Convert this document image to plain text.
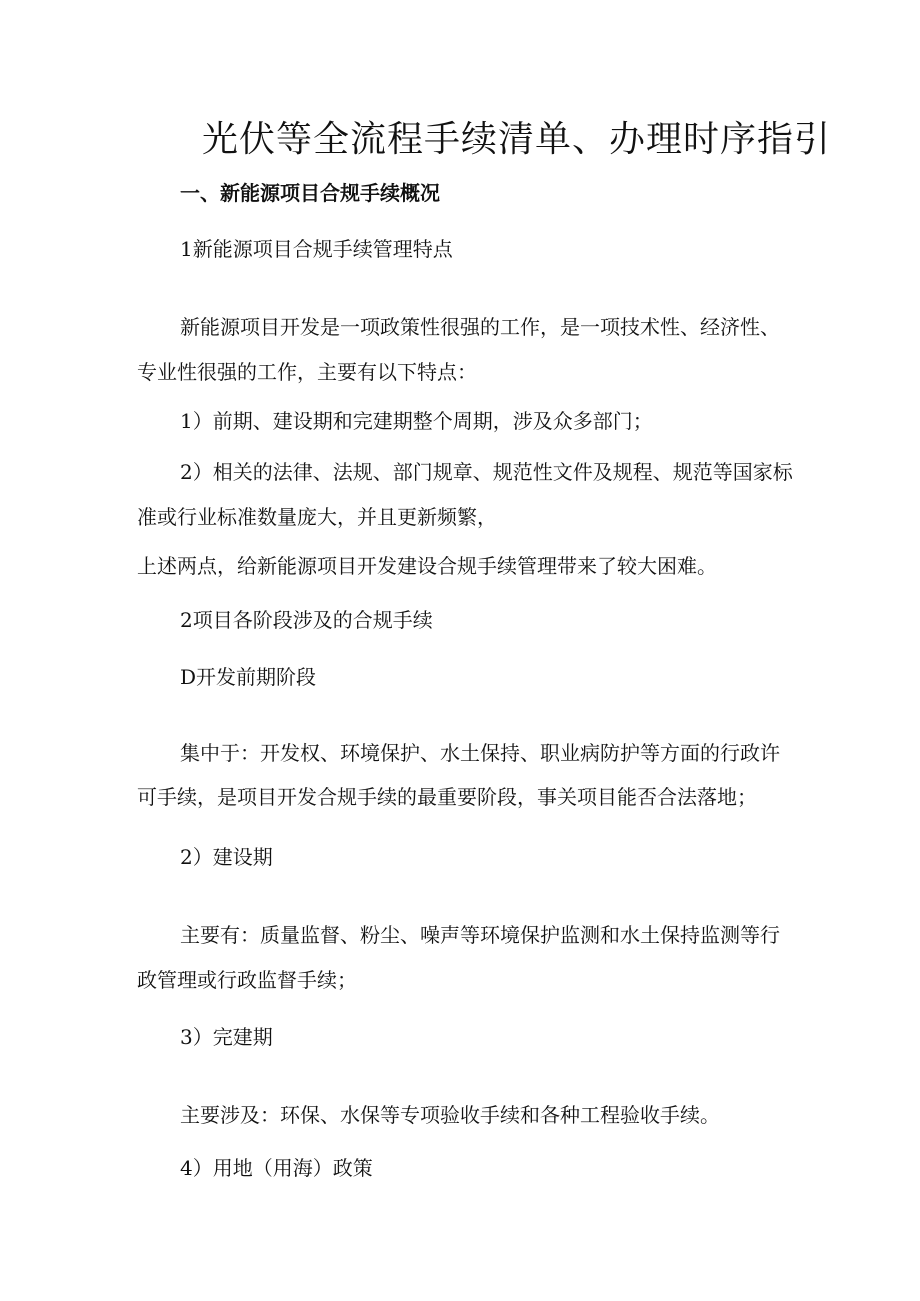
光伏等全流程手续清单、办理时序指引
一、新能源项目合规手续概况

1新能源项目合规手续管理特点

新能源项目开发是一项政策性很强的工作，是一项技术性、经济性、

专业性很强的工作，主要有以下特点：

1）前期、建设期和完建期整个周期，涉及众多部门；

2）相关的法律、法规、部门规章、规范性文件及规程、规范等国家标

准或行业标准数量庞大，并且更新频繁，

上述两点，给新能源项目开发建设合规手续管理带来了较大困难。

2项目各阶段涉及的合规手续

D开发前期阶段

集中于：开发权、环境保护、水土保持、职业病防护等方面的行政许

可手续，是项目开发合规手续的最重要阶段，事关项目能否合法落地；

2）建设期

主要有：质量监督、粉尘、噪声等环境保护监测和水土保持监测等行

政管理或行政监督手续；

3）完建期

主要涉及：环保、水保等专项验收手续和各种工程验收手续。

4）用地（用海）政策
